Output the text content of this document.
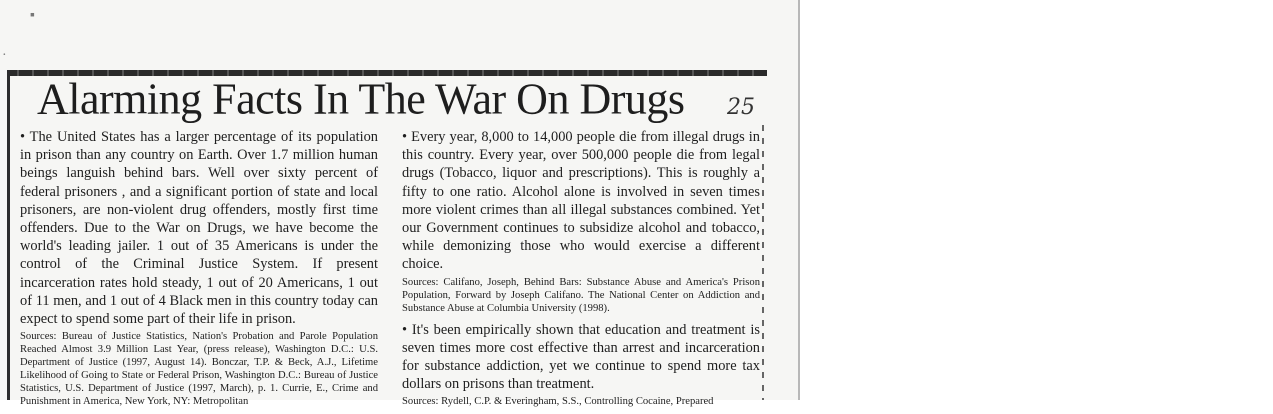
▪
·
Alarming Facts In The War On Drugs 25

• The United States has a larger percentage of its population in prison than any country on Earth. Over 1.7 million human beings languish behind bars. Well over sixty percent of federal prisoners , and a significant portion of state and local prisoners, are non-violent drug offenders, mostly first time offenders. Due to the War on Drugs, we have become the world's leading jailer. 1 out of 35 Americans is under the control of the Criminal Justice System. If present incarceration rates hold steady, 1 out of 20 Americans, 1 out of 11 men, and 1 out of 4 Black men in this country today can expect to spend some part of their life in prison.

Sources: Bureau of Justice Statistics, Nation's Probation and Parole Population Reached Almost 3.9 Million Last Year, (press release), Washington D.C.: U.S. Department of Justice (1997, August 14). Bonczar, T.P. & Beck, A.J., Lifetime Likelihood of Going to State or Federal Prison, Washington D.C.: Bureau of Justice Statistics, U.S. Department of Justice (1997, March), p. 1. Currie, E., Crime and Punishment in America, New York, NY: Metropolitan

• Every year, 8,000 to 14,000 people die from illegal drugs in this country. Every year, over 500,000 people die from legal drugs (Tobacco, liquor and prescriptions). This is roughly a fifty to one ratio. Alcohol alone is involved in seven times more violent crimes than all illegal substances combined. Yet our Government continues to subsidize alcohol and tobacco, while demonizing those who would exercise a different choice.

Sources: Califano, Joseph, Behind Bars: Substance Abuse and America's Prison Population, Forward by Joseph Califano. The National Center on Addiction and Substance Abuse at Columbia University (1998).

• It's been empirically shown that education and treatment is seven times more cost effective than arrest and incarceration for substance addiction, yet we continue to spend more tax dollars on prisons than treatment.

Sources: Rydell, C.P. & Everingham, S.S., Controlling Cocaine, Prepared
